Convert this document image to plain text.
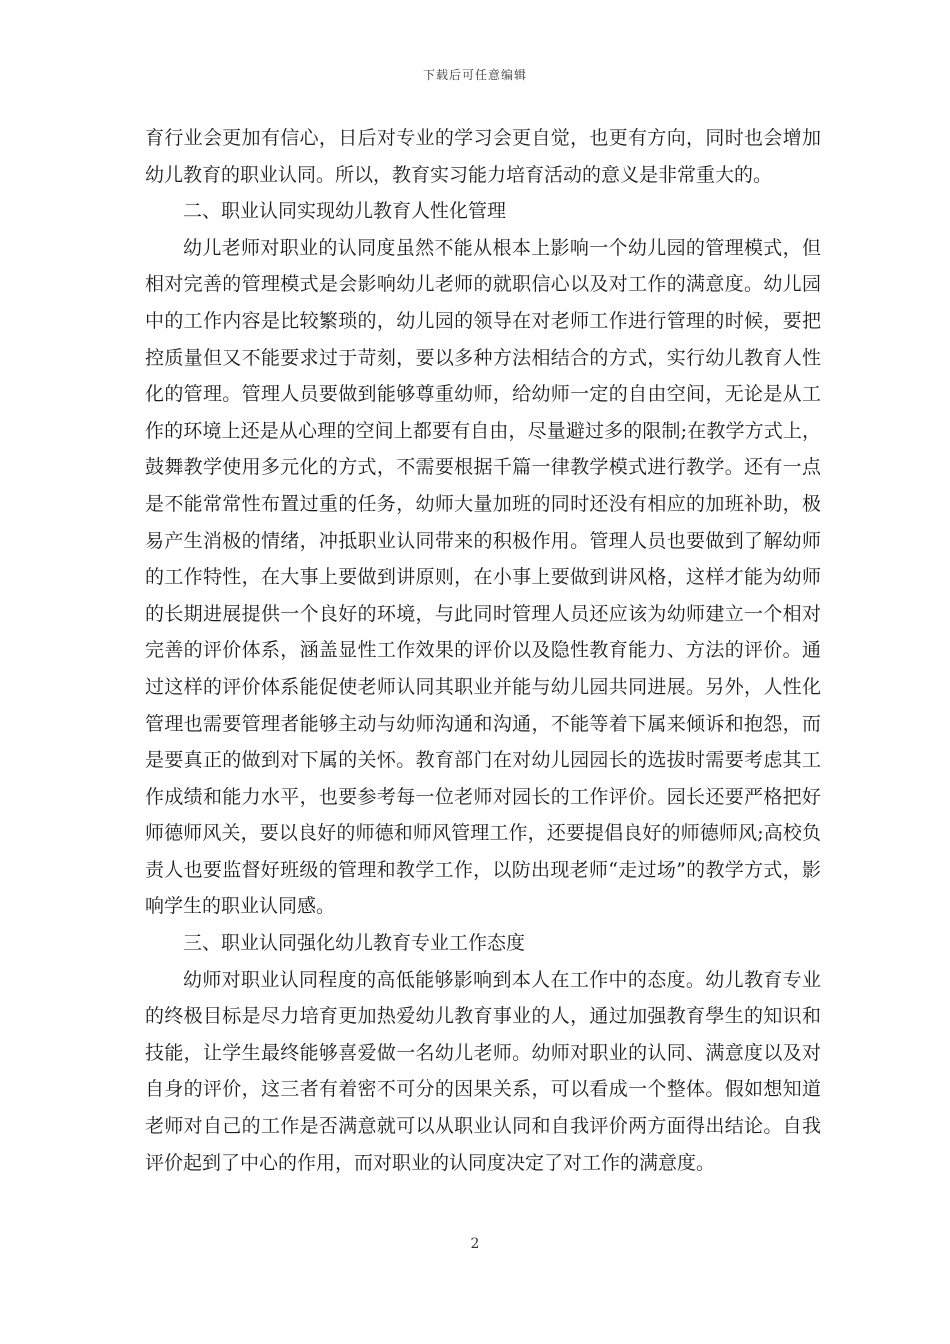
下载后可任意编辑

育行业会更加有信心，日后对专业的学习会更自觉，也更有方向，同时也会增加幼儿教育的职业认同。所以，教育实习能力培育活动的意义是非常重大的。

二、职业认同实现幼儿教育人性化管理

幼儿老师对职业的认同度虽然不能从根本上影响一个幼儿园的管理模式，但相对完善的管理模式是会影响幼儿老师的就职信心以及对工作的满意度。幼儿园中的工作内容是比较繁琐的，幼儿园的领导在对老师工作进行管理的时候，要把控质量但又不能要求过于苛刻，要以多种方法相结合的方式，实行幼儿教育人性化的管理。管理人员要做到能够尊重幼师，给幼师一定的自由空间，无论是从工作的环境上还是从心理的空间上都要有自由，尽量避过多的限制;在教学方式上，鼓舞教学使用多元化的方式，不需要根据千篇一律教学模式进行教学。还有一点是不能常常性布置过重的任务，幼师大量加班的同时还没有相应的加班补助，极易产生消极的情绪，冲抵职业认同带来的积极作用。管理人员也要做到了解幼师的工作特性，在大事上要做到讲原则，在小事上要做到讲风格，这样才能为幼师的长期进展提供一个良好的环境，与此同时管理人员还应该为幼师建立一个相对完善的评价体系，涵盖显性工作效果的评价以及隐性教育能力、方法的评价。通过这样的评价体系能促使老师认同其职业并能与幼儿园共同进展。另外，人性化管理也需要管理者能够主动与幼师沟通和沟通，不能等着下属来倾诉和抱怨，而是要真正的做到对下属的关怀。教育部门在对幼儿园园长的选拔时需要考虑其工作成绩和能力水平，也要参考每一位老师对园长的工作评价。园长还要严格把好师德师风关，要以良好的师德和师风管理工作，还要提倡良好的师德师风;高校负责人也要监督好班级的管理和教学工作，以防出现老师“走过场”的教学方式，影响学生的职业认同感。

三、职业认同强化幼儿教育专业工作态度

幼师对职业认同程度的高低能够影响到本人在工作中的态度。幼儿教育专业的终极目标是尽力培育更加热爱幼儿教育事业的人，通过加强教育學生的知识和技能，让学生最终能够喜爱做一名幼儿老师。幼师对职业的认同、满意度以及对自身的评价，这三者有着密不可分的因果关系，可以看成一个整体。假如想知道老师对自己的工作是否满意就可以从职业认同和自我评价两方面得出结论。自我评价起到了中心的作用，而对职业的认同度决定了对工作的满意度。

2
